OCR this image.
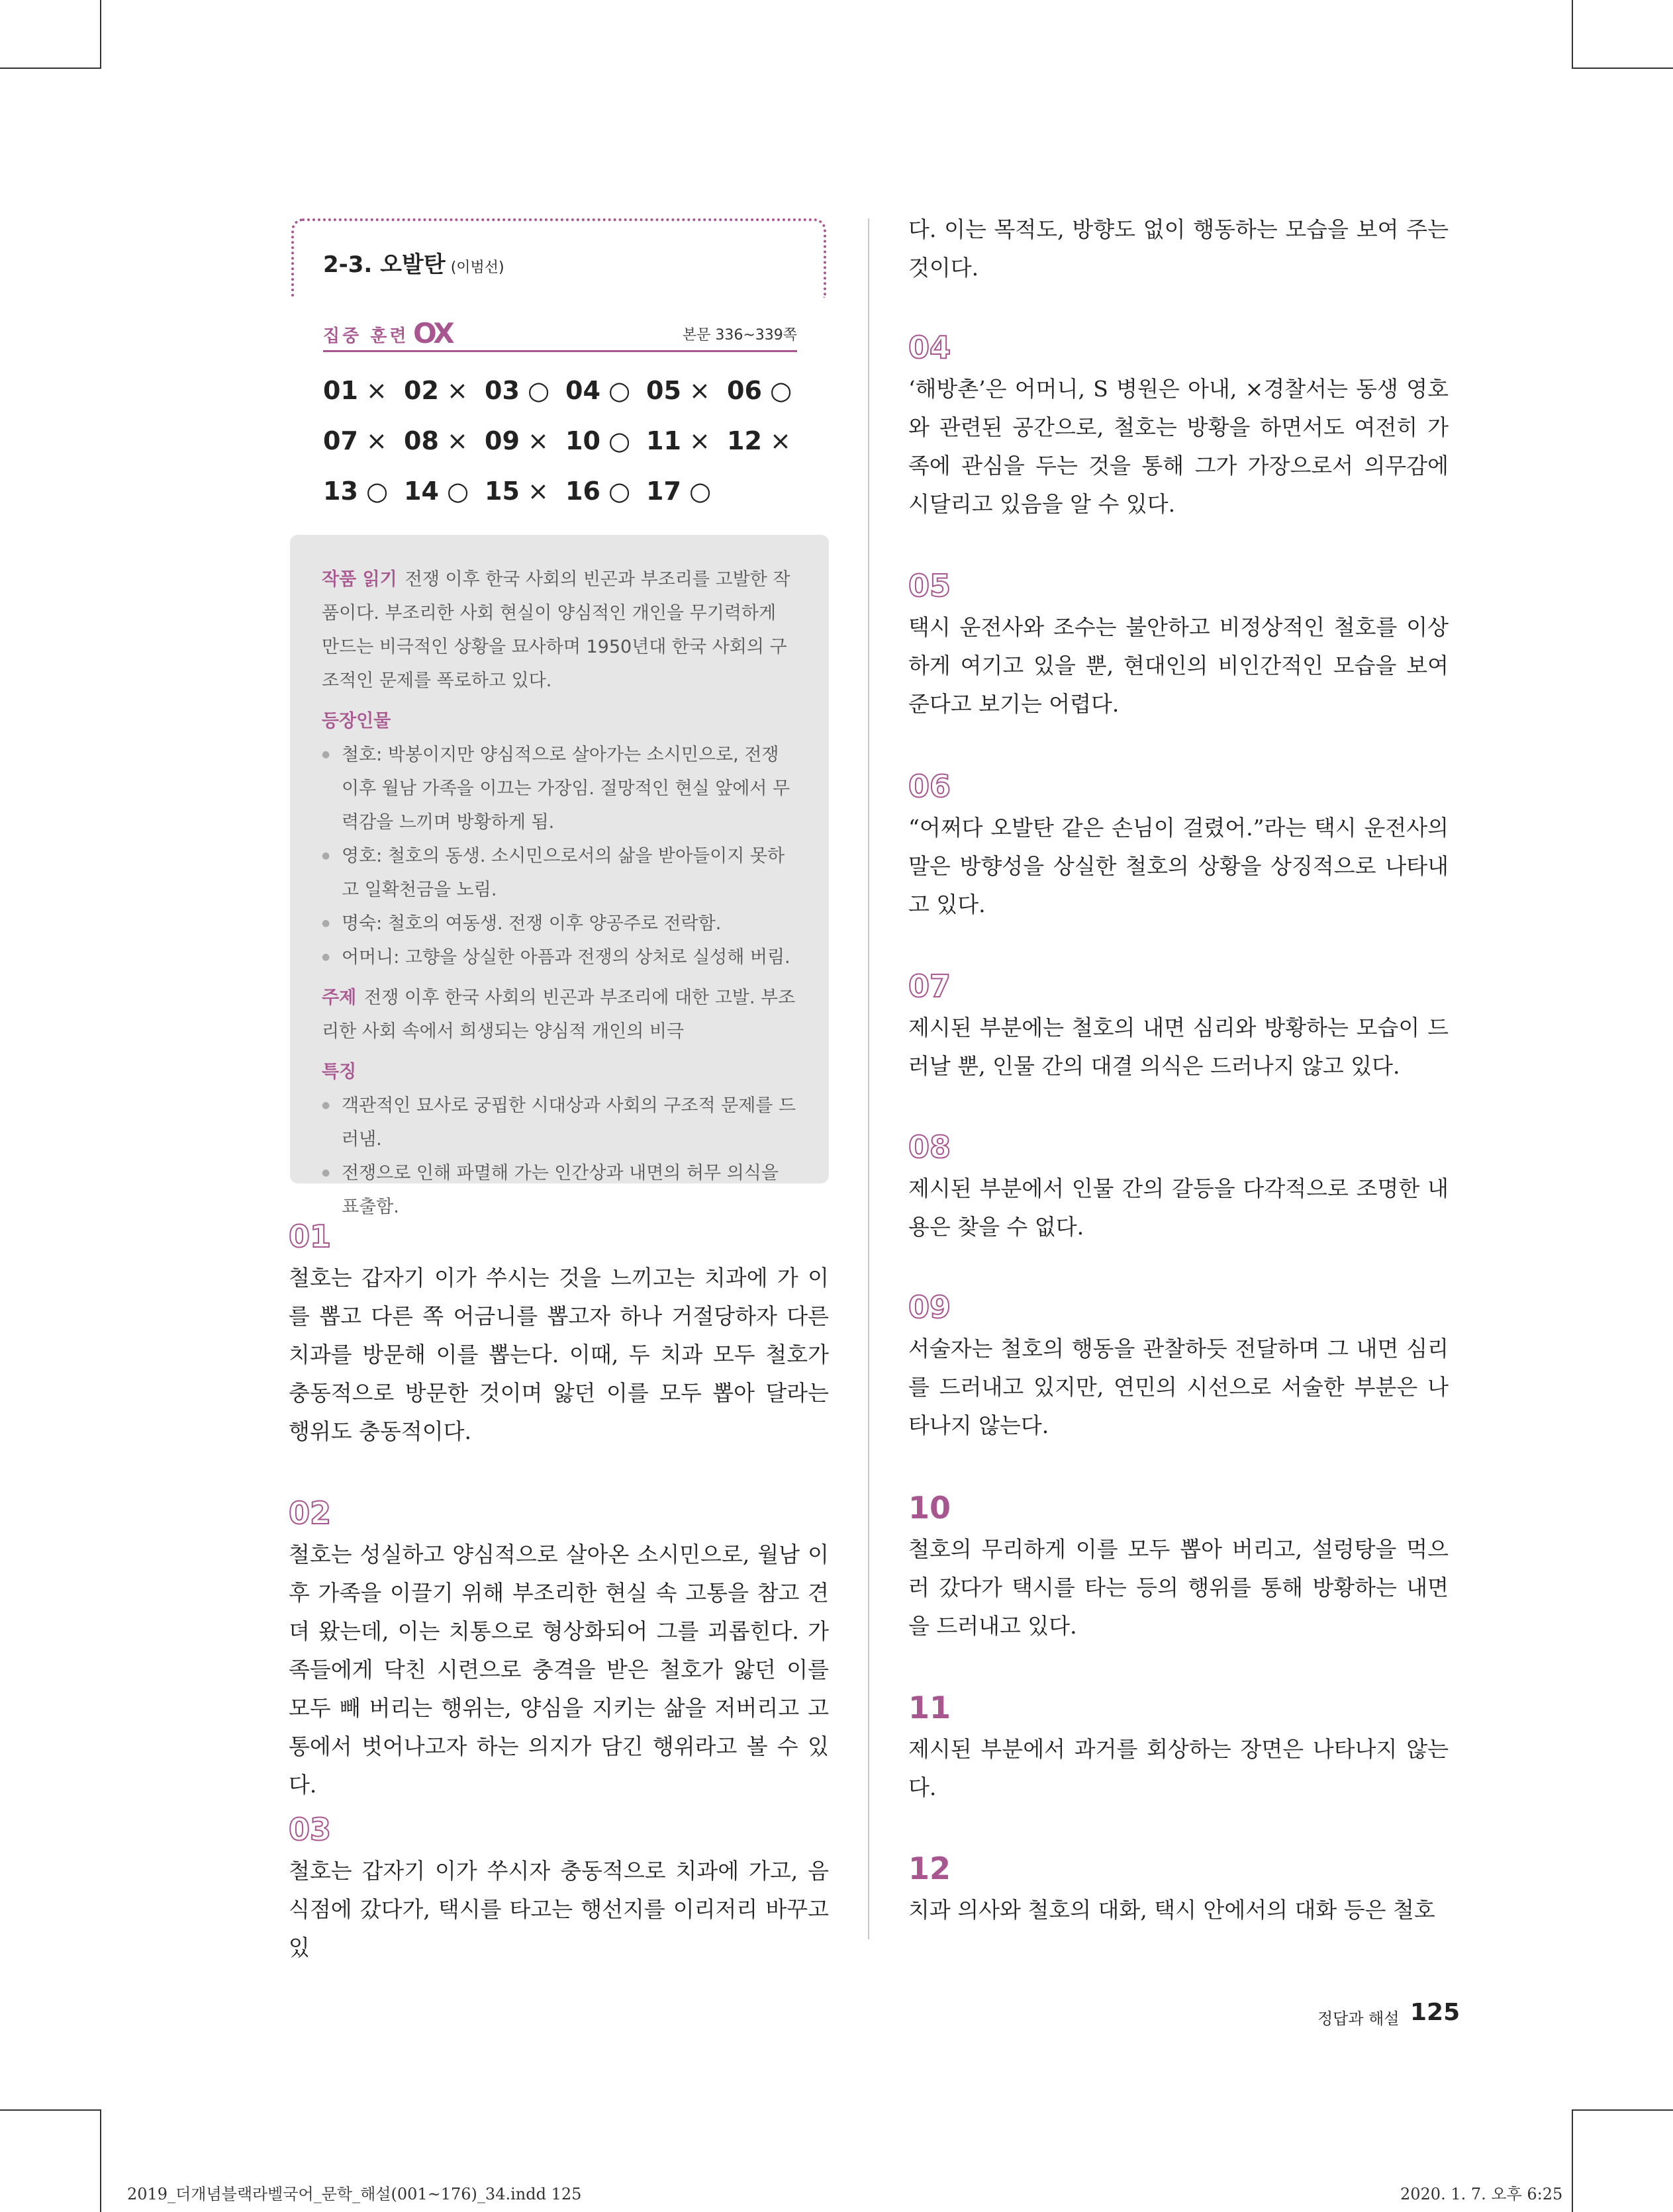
2-3. 오발탄 (이범선)
집중 훈련 OX	본문 336~339쪽
01 × 02 × 03 ○ 04 ○ 05 × 06 ○
07 × 08 × 09 × 10 ○ 11 × 12 ×
13 ○ 14 ○ 15 × 16 ○ 17 ○
작품 읽기 전쟁 이후 한국 사회의 빈곤과 부조리를 고발한 작품이다. 부조리한 사회 현실이 양심적인 개인을 무기력하게 만드는 비극적인 상황을 묘사하며 1950년대 한국 사회의 구조적인 문제를 폭로하고 있다.
등장인물
● 철호: 박봉이지만 양심적으로 살아가는 소시민으로, 전쟁 이후 월남 가족을 이끄는 가장임. 절망적인 현실 앞에서 무력감을 느끼며 방황하게 됨.
● 영호: 철호의 동생. 소시민으로서의 삶을 받아들이지 못하고 일확천금을 노림.
● 명숙: 철호의 여동생. 전쟁 이후 양공주로 전락함.
● 어머니: 고향을 상실한 아픔과 전쟁의 상처로 실성해 버림.
주제 전쟁 이후 한국 사회의 빈곤과 부조리에 대한 고발. 부조리한 사회 속에서 희생되는 양심적 개인의 비극
특징
● 객관적인 묘사로 궁핍한 시대상과 사회의 구조적 문제를 드러냄.
● 전쟁으로 인해 파멸해 가는 인간상과 내면의 허무 의식을 표출함.
01
철호는 갑자기 이가 쑤시는 것을 느끼고는 치과에 가 이를 뽑고 다른 쪽 어금니를 뽑고자 하나 거절당하자 다른 치과를 방문해 이를 뽑는다. 이때, 두 치과 모두 철호가 충동적으로 방문한 것이며 앓던 이를 모두 뽑아 달라는 행위도 충동적이다.
02
철호는 성실하고 양심적으로 살아온 소시민으로, 월남 이후 가족을 이끌기 위해 부조리한 현실 속 고통을 참고 견뎌 왔는데, 이는 치통으로 형상화되어 그를 괴롭힌다. 가족들에게 닥친 시련으로 충격을 받은 철호가 앓던 이를 모두 빼 버리는 행위는, 양심을 지키는 삶을 저버리고 고통에서 벗어나고자 하는 의지가 담긴 행위라고 볼 수 있다.
03
철호는 갑자기 이가 쑤시자 충동적으로 치과에 가고, 음식점에 갔다가, 택시를 타고는 행선지를 이리저리 바꾸고 있
다. 이는 목적도, 방향도 없이 행동하는 모습을 보여 주는 것이다.
04
‘해방촌’은 어머니, S 병원은 아내, ×경찰서는 동생 영호와 관련된 공간으로, 철호는 방황을 하면서도 여전히 가족에 관심을 두는 것을 통해 그가 가장으로서 의무감에 시달리고 있음을 알 수 있다.
05
택시 운전사와 조수는 불안하고 비정상적인 철호를 이상하게 여기고 있을 뿐, 현대인의 비인간적인 모습을 보여 준다고 보기는 어렵다.
06
“어쩌다 오발탄 같은 손님이 걸렸어.”라는 택시 운전사의 말은 방향성을 상실한 철호의 상황을 상징적으로 나타내고 있다.
07
제시된 부분에는 철호의 내면 심리와 방황하는 모습이 드러날 뿐, 인물 간의 대결 의식은 드러나지 않고 있다.
08
제시된 부분에서 인물 간의 갈등을 다각적으로 조명한 내용은 찾을 수 없다.
09
서술자는 철호의 행동을 관찰하듯 전달하며 그 내면 심리를 드러내고 있지만, 연민의 시선으로 서술한 부분은 나타나지 않는다.
10
철호의 무리하게 이를 모두 뽑아 버리고, 설렁탕을 먹으러 갔다가 택시를 타는 등의 행위를 통해 방황하는 내면을 드러내고 있다.
11
제시된 부분에서 과거를 회상하는 장면은 나타나지 않는다.
12
치과 의사와 철호의 대화, 택시 안에서의 대화 등은 철호
정답과 해설 125
2019_더개념블랙라벨국어_문학_해설(001~176)_34.indd 125	2020. 1. 7. 오후 6:25
